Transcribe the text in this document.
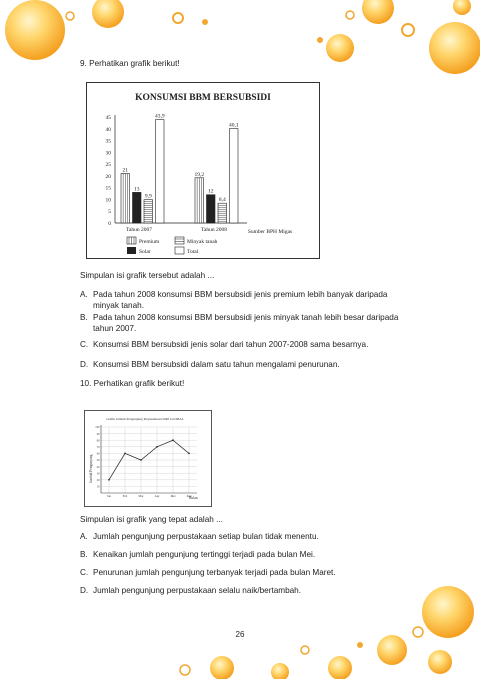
9. Perhatikan grafik berikut!

KONSUMSI BBM BERSUBSIDI
0
5
10
15
20
25
30
35
40
45
21
13
9,9
43,9
19,2
12
8,4
40,1
Tahun 2007	Tahun 2008	Sumber BPH Migas
Premium	Minyak tanah
Solar	Total

Simpulan isi grafik tersebut adalah ...

A. Pada tahun 2008 konsumsi BBM bersubsidi jenis premium lebih banyak daripada minyak tanah.
B. Pada tahun 2008 konsumsi BBM bersubsidi jenis minyak tanah lebih besar daripada tahun 2007.
C. Konsumsi BBM bersubsidi jenis solar dari tahun 2007-2008 sama besarnya.
D. Konsumsi BBM bersubsidi dalam satu tahun mengalami penurunan.

10. Perhatikan grafik berikut!

Grafik Jumlah Pengunjung Perpustakaan SMP GLOBAL
10
20
30
40
50
60
70
80
90
100
Jan	Feb	Mar	Apr	Mei	Juni
Jumlah Pengunjung
Bulan

Simpulan isi grafik yang tepat adalah ...

A. Jumlah pengunjung perpustakaan setiap bulan tidak menentu.
B. Kenaikan jumlah pengunjung tertinggi terjadi pada bulan Mei.
C. Penurunan jumlah pengunjung terbanyak terjadi pada bulan Maret.
D. Jumlah pengunjung perpustakaan selalu naik/bertambah.
26
